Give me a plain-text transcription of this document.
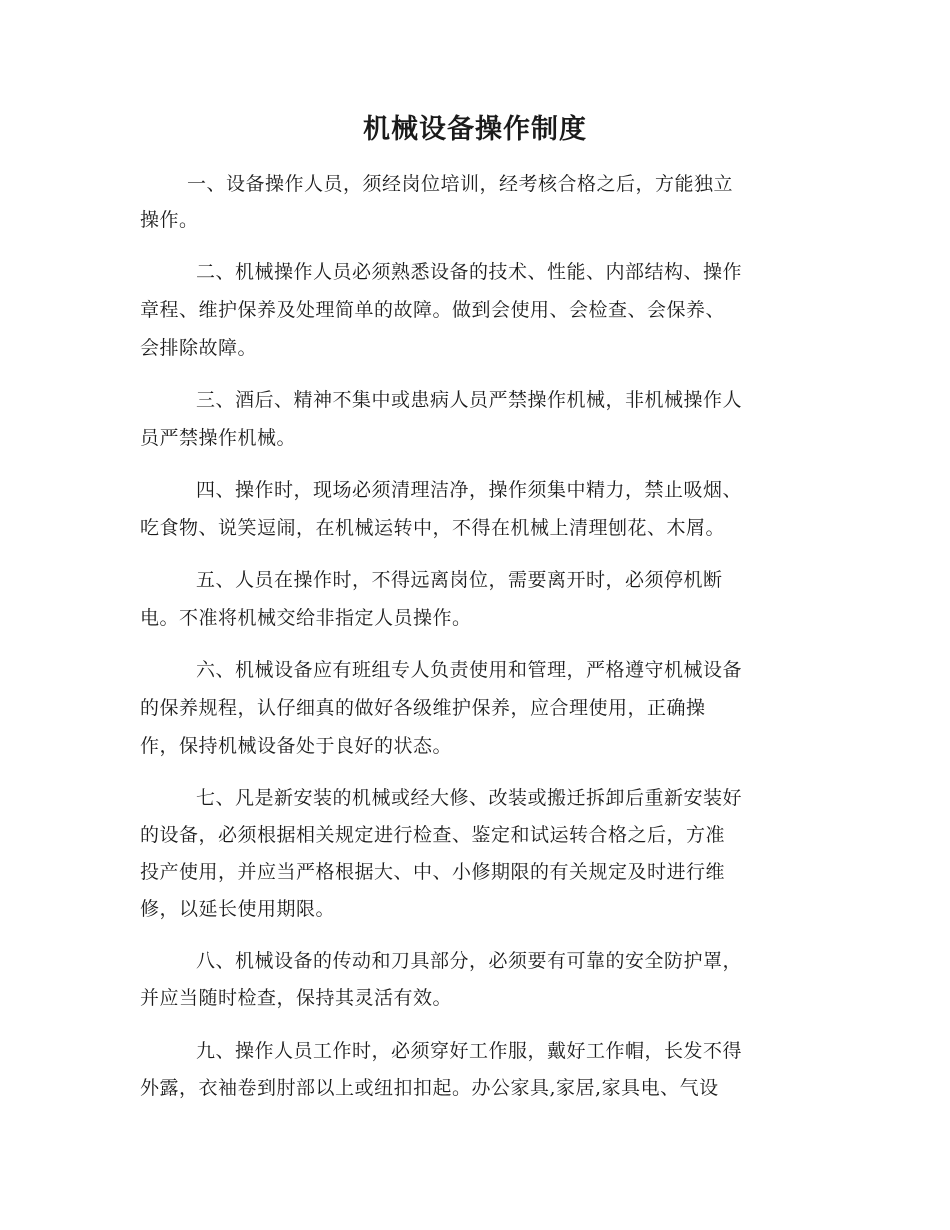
机械设备操作制度
一、设备操作人员，须经岗位培训，经考核合格之后，方能独立
操作。
二、机械操作人员必须熟悉设备的技术、性能、内部结构、操作
章程、维护保养及处理简单的故障。做到会使用、会检查、会保养、
会排除故障。
三、酒后、精神不集中或患病人员严禁操作机械，非机械操作人
员严禁操作机械。
四、操作时，现场必须清理洁净，操作须集中精力，禁止吸烟、
吃食物、说笑逗闹，在机械运转中，不得在机械上清理刨花、木屑。
五、人员在操作时，不得远离岗位，需要离开时，必须停机断
电。不准将机械交给非指定人员操作。
六、机械设备应有班组专人负责使用和管理，严格遵守机械设备
的保养规程，认仔细真的做好各级维护保养，应合理使用，正确操
作，保持机械设备处于良好的状态。
七、凡是新安装的机械或经大修、改装或搬迁拆卸后重新安装好
的设备，必须根据相关规定进行检查、鉴定和试运转合格之后，方准
投产使用，并应当严格根据大、中、小修期限的有关规定及时进行维
修，以延长使用期限。
八、机械设备的传动和刀具部分，必须要有可靠的安全防护罩，
并应当随时检查，保持其灵活有效。
九、操作人员工作时，必须穿好工作服，戴好工作帽，长发不得
外露，衣袖卷到肘部以上或纽扣扣起。办公家具,家居,家具电、气设
